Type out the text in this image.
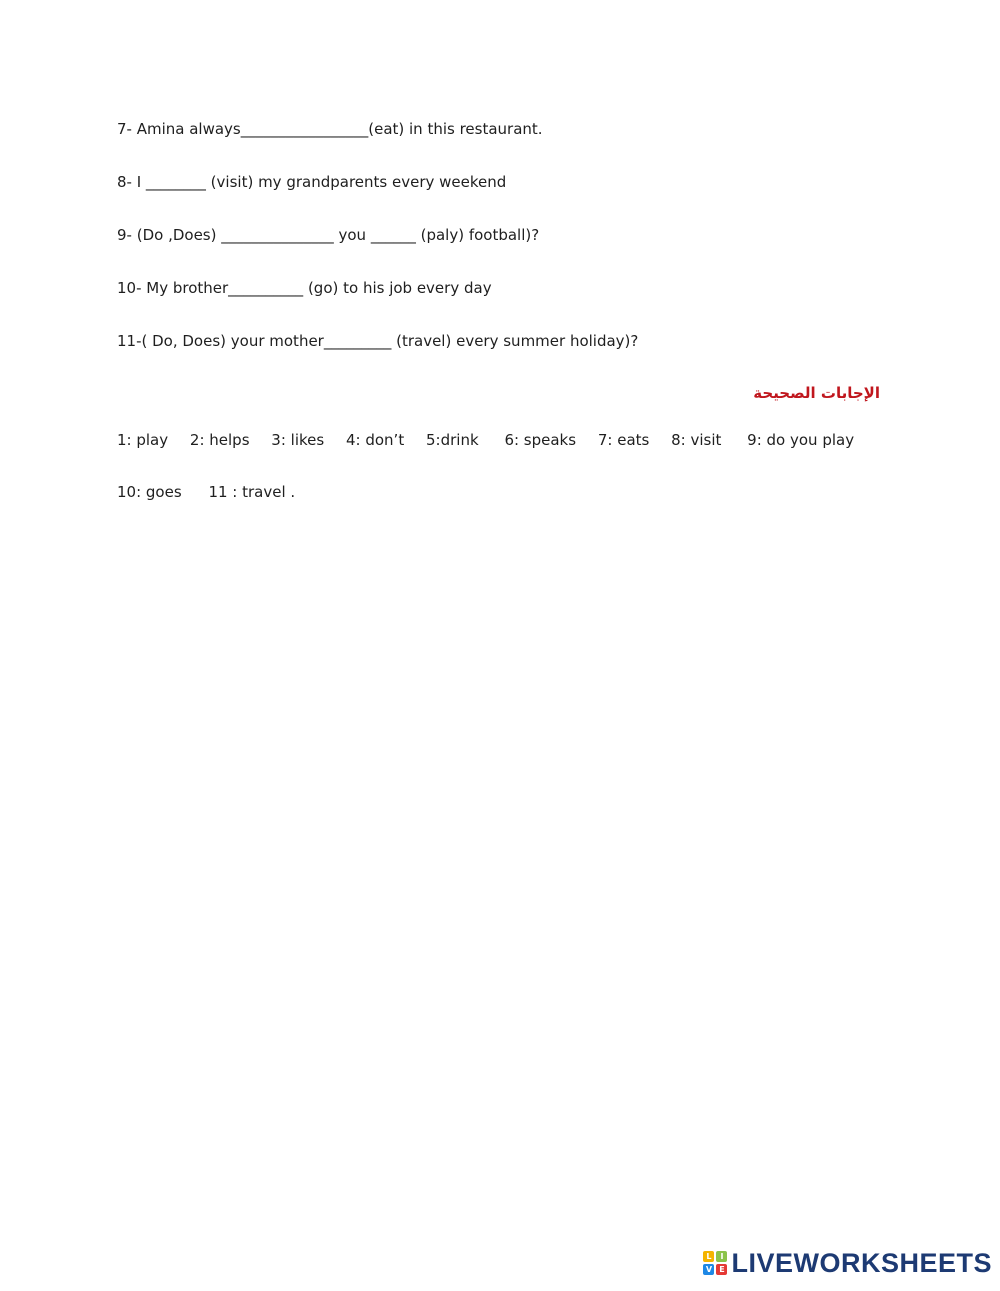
7- Amina always_________________(eat) in this restaurant.
8- I ________ (visit) my grandparents every weekend
9- (Do ,Does) _______________ you ______ (paly) football)?
10- My brother__________ (go) to his job every day
11-( Do, Does) your mother_________ (travel) every summer holiday)?
الإجابات الصحيحة
1: play 2: helps 3: likes 4: don’t 5:drink 6: speaks 7: eats 8: visit 9: do you play
10: goes 11 : travel .
L	I
V E LIVEWORKSHEETS
